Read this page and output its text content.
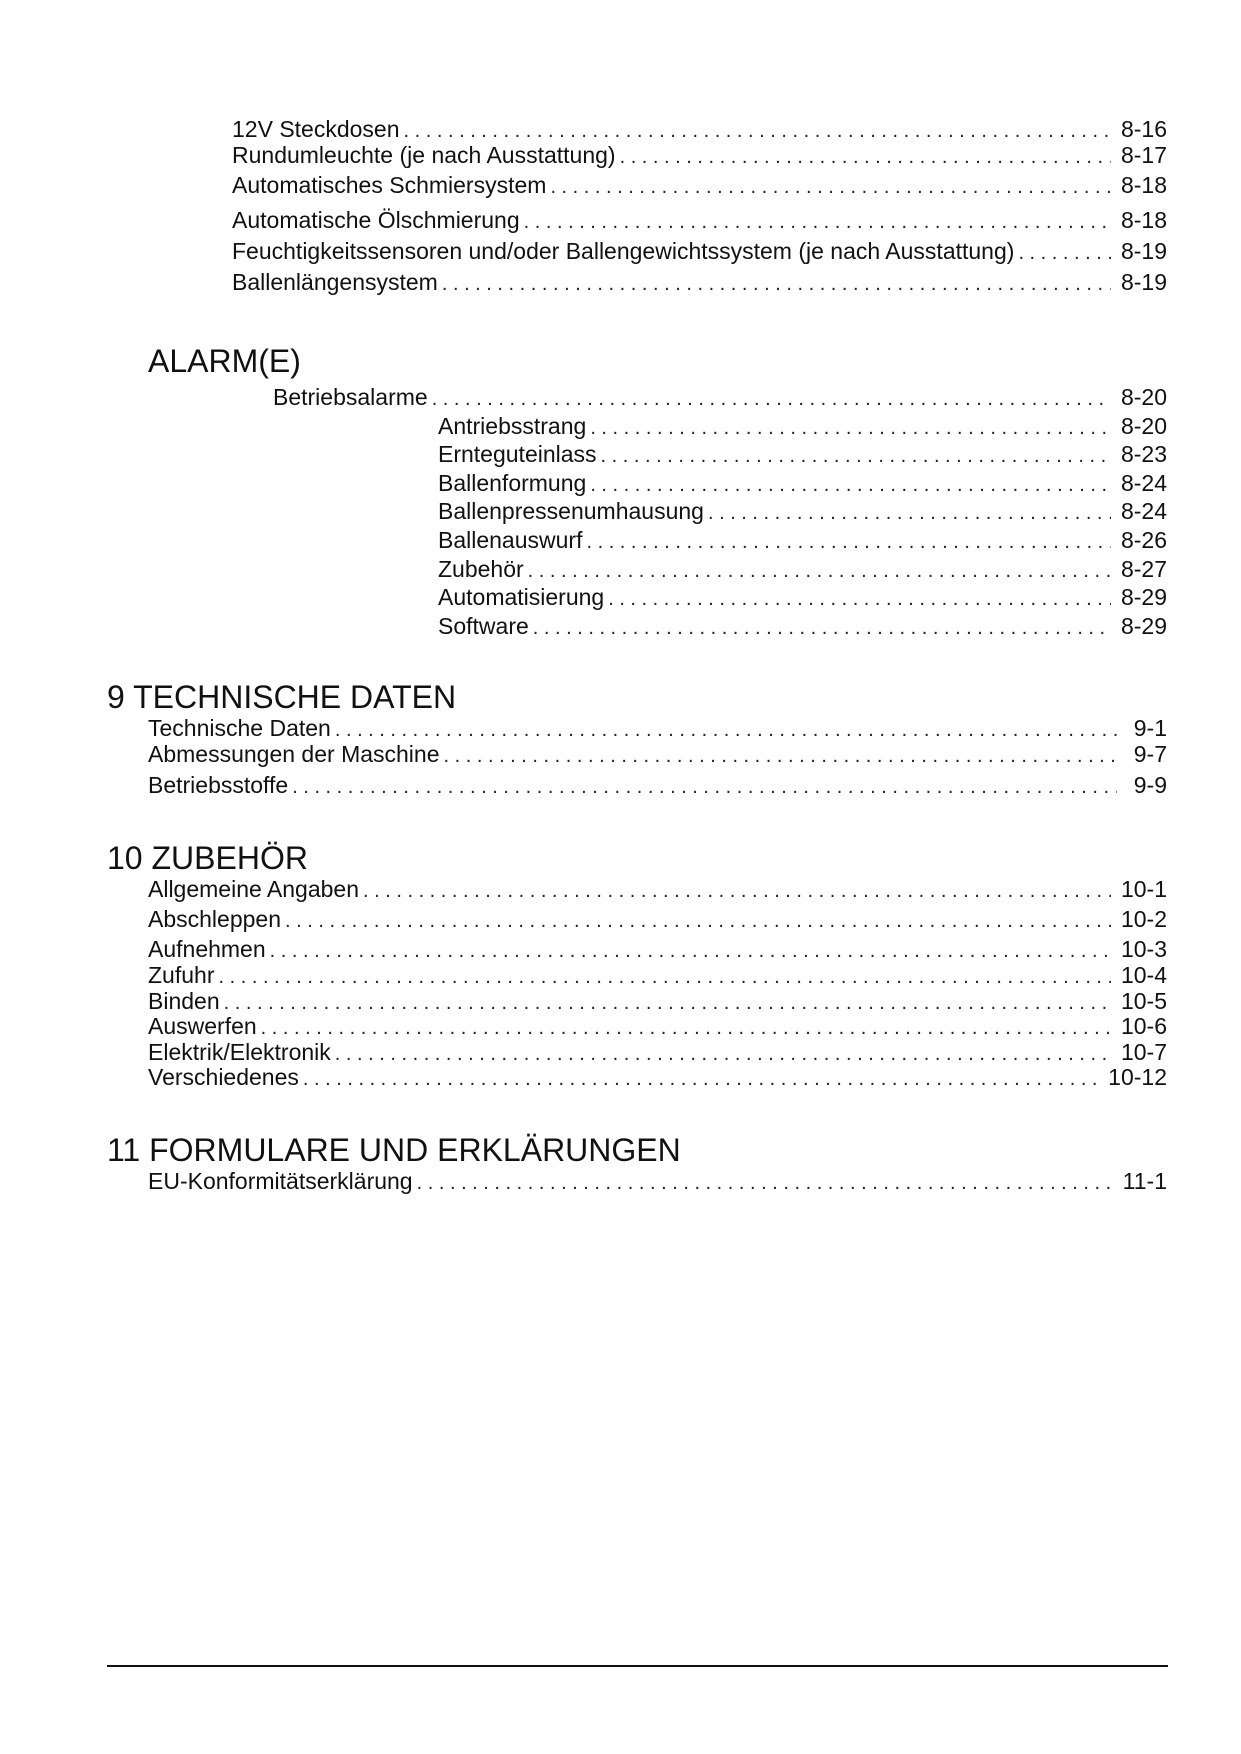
12V Steckdosen . . .	8-16
Rundumleuchte (je nach Ausstattung) . . .	8-17
Automatisches Schmiersystem . . .	8-18
Automatische Ölschmierung . . .	8-18
Feuchtigkeitssensoren und/oder Ballengewichtssystem (je nach Ausstattung) . . .	8-19
Ballenlängensystem . . .	8-19
ALARM(E)
Betriebsalarme . . .	8-20
Antriebsstrang . . .	8-20
Ernteguteinlass . . .	8-23
Ballenformung . . .	8-24
Ballenpressenumhausung . . .	8-24
Ballenauswurf . . .	8-26
Zubehör . . .	8-27
Automatisierung . . .	8-29
Software . . .	8-29
9 TECHNISCHE DATEN
Technische Daten . . .	9-1
Abmessungen der Maschine . . .	9-7
Betriebsstoffe . . .	9-9
10 ZUBEHÖR
Allgemeine Angaben . . .	10-1
Abschleppen . . .	10-2
Aufnehmen . . .	10-3
Zufuhr . . .	10-4
Binden . . .	10-5
Auswerfen . . .	10-6
Elektrik/Elektronik . . .	10-7
Verschiedenes . . .	10-12
11 FORMULARE UND ERKLÄRUNGEN
EU-Konformitätserklärung . . .	11-1
